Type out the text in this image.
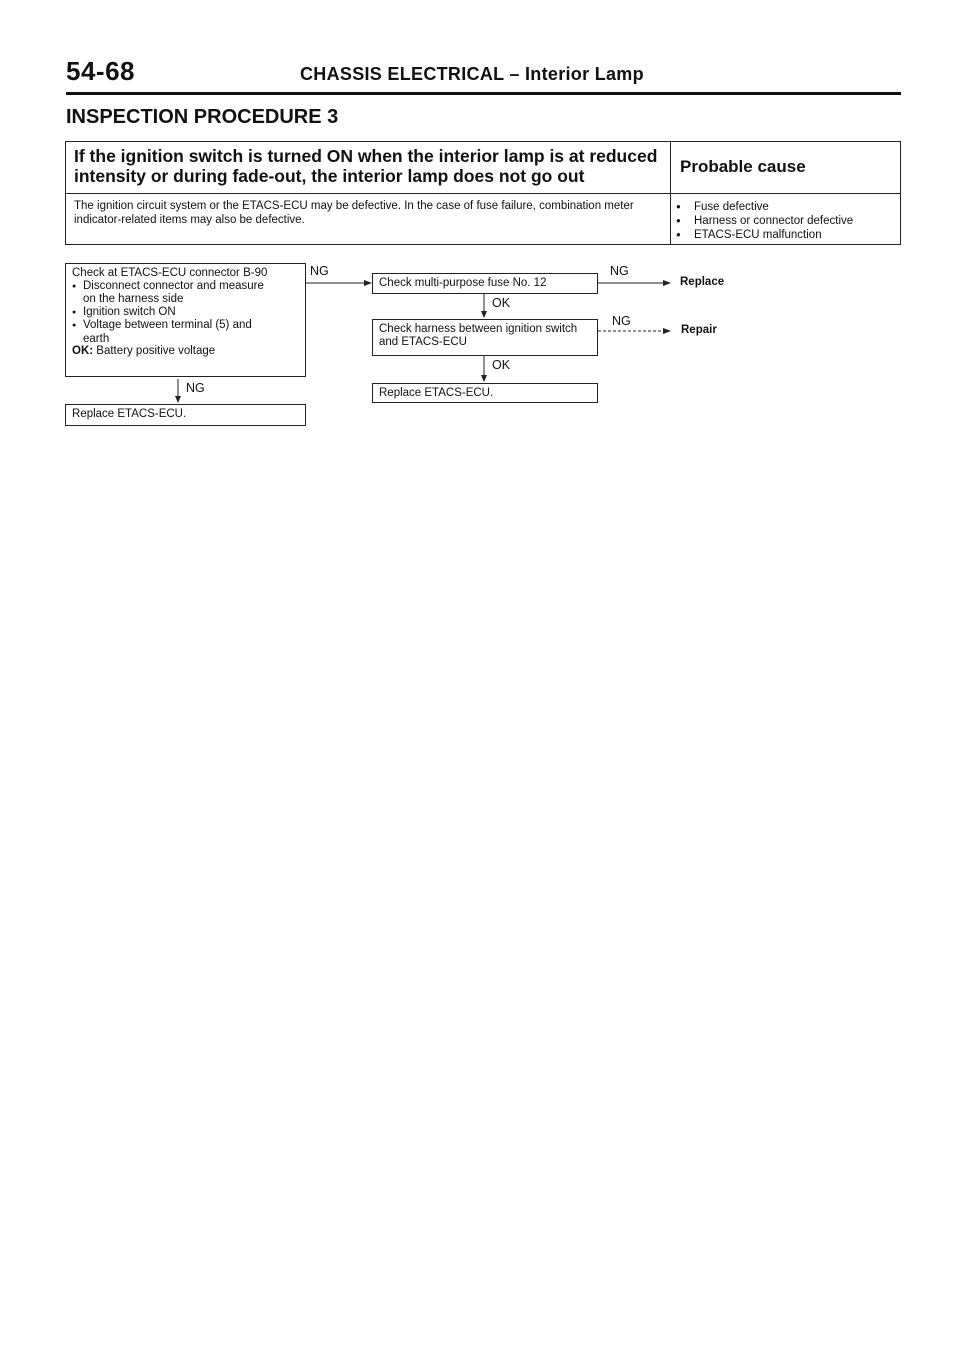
54-68	CHASSIS ELECTRICAL – Interior Lamp
INSPECTION PROCEDURE 3
If the ignition switch is turned ON when the interior lamp is at reduced intensity or during fade-out, the interior lamp does not go out	Probable cause
The ignition circuit system or the ETACS-ECU may be defective. In the case of fuse failure, combination meter indicator-related items may also be defective.
● Fuse defective
● Harness or connector defective
● ETACS-ECU malfunction
Check at ETACS-ECU connector B-90
● Disconnect connector and measure
on the harness side
● Ignition switch ON
● Voltage between terminal (5) and
earth
OK: Battery positive voltage
NG
NG
Replace ETACS-ECU.
Check multi-purpose fuse No. 12
NG
Replace
OK
Check harness between ignition switch
and ETACS-ECU
NG
Repair
OK
Replace ETACS-ECU.
